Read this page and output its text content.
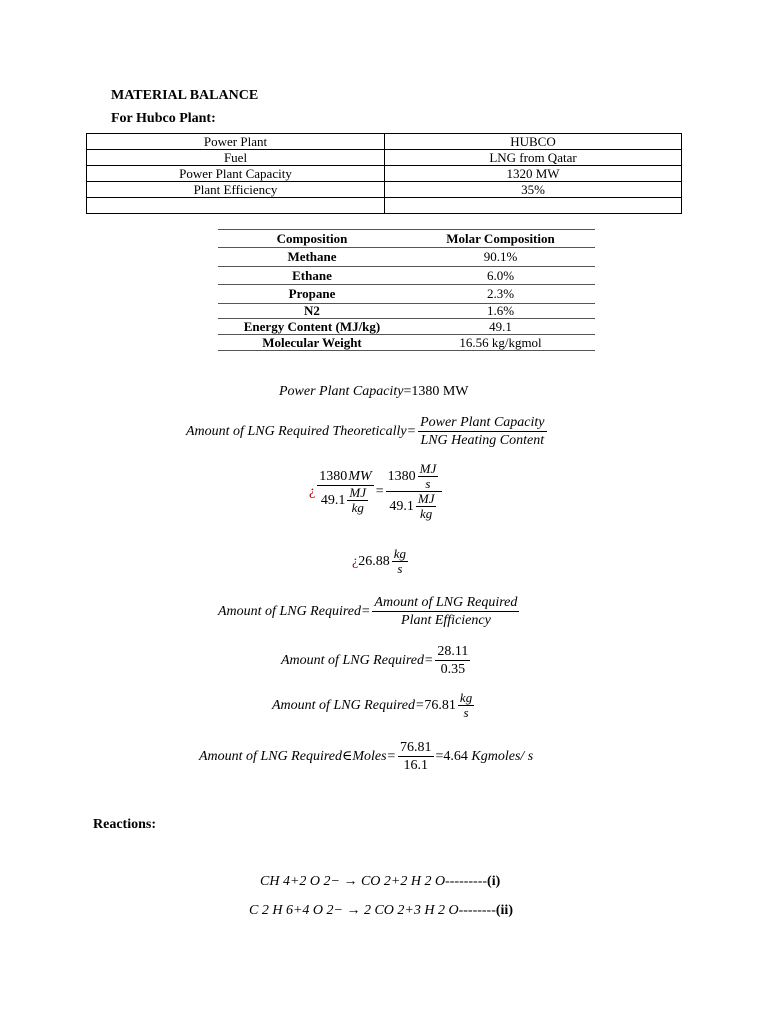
MATERIAL BALANCE
For Hubco Plant:
Power Plant	HUBCO
Fuel	LNG from Qatar
Power Plant Capacity	1320 MW
Plant Efficiency	35%

Composition	Molar Composition
Methane	90.1%
Ethane	6.0%
Propane	2.3%
N2	1.6%
Energy Content (MJ/kg)	49.1
Molecular Weight	16.56 kg/kgmol
Power Plant Capacity =1380 MW
Amount of LNG Required Theoretically= $\frac{\text{Power Plant Capacity}}{\text{LNG Heating Content}}$
¿ $\frac{1380 MW}{49.1 \frac{MJ}{kg}} = \frac{1380 \frac{MJ}{s}}{49.1 \frac{MJ}{kg}}$
¿ $26.88 \frac{kg}{s}$
Amount of LNG Required= $\frac{\text{Amount of LNG Required}}{\text{Plant Efficiency}}$
Amount of LNG Required= $\frac{28.11}{0.35}$
Amount of LNG Required= $76.81 \frac{kg}{s}$
Amount of LNG Required∈Moles= $\frac{76.81}{16.1} =4.64$
Kgmoles/ s
Reactions:
CH 4+2 O 2− → CO 2+2 H 2 O---------(i)
C 2 H 6+4 O 2− → 2 CO 2+3 H 2 O--------(ii)
